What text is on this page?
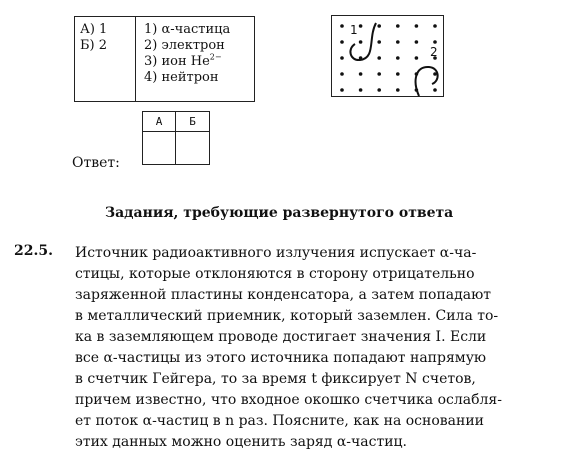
А) 1
Б) 2
1) α-частица
2) электрон
3) ион $He^{2-}$
4) нейтрон
1
2
Ответ:
А	Б
Задания, требующие развернутого ответа
22.5. Источник радиоактивного излучения испускает α-ча-
стицы, которые отклоняются в сторону отрицательно
заряженной пластины конденсатора, а затем попадают
в металлический приемник, который заземлен. Сила то-
ка в заземляющем проводе достигает значения I. Если
все α-частицы из этого источника попадают напрямую
в счетчик Гейгера, то за время t фиксирует N счетов,
причем известно, что входное окошко счетчика ослабля-
ет поток α-частиц в n раз. Поясните, как на основании
этих данных можно оценить заряд α-частиц.
